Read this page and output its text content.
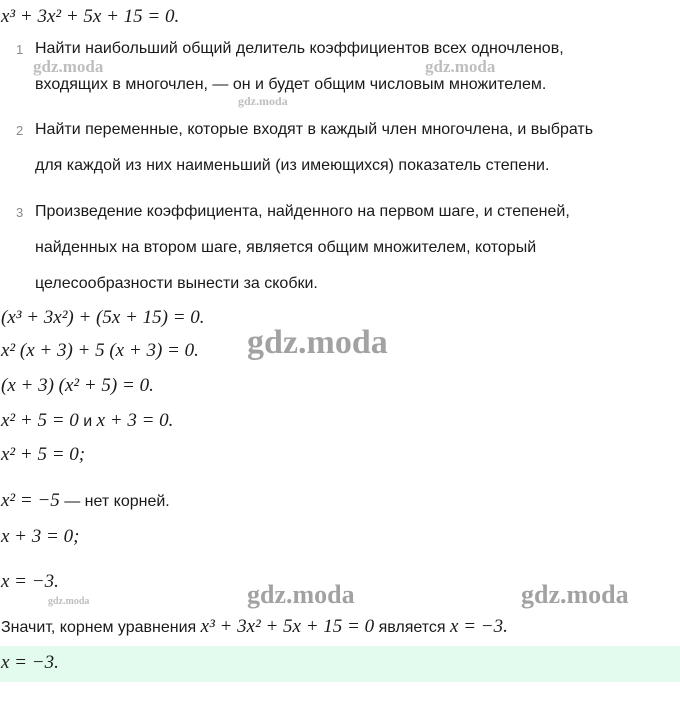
x³ + 3x² + 5x + 15 = 0.
1 Найти наибольший общий делитель коэффициентов всех одночленов,
входящих в многочлен, — он и будет общим числовым множителем.
2 Найти переменные, которые входят в каждый член многочлена, и выбрать
для каждой из них наименьший (из имеющихся) показатель степени.
3 Произведение коэффициента, найденного на первом шаге, и степеней,
найденных на втором шаге, является общим множителем, который
целесообразности вынести за скобки.
(x³ + 3x²) + (5x + 15) = 0.
x² (x + 3) + 5 (x + 3) = 0.
(x + 3) (x² + 5) = 0.
x² + 5 = 0 и x + 3 = 0.
x² + 5 = 0;
x² = −5 — нет корней.
x + 3 = 0;
x = −3.
Значит, корнем уравнения x³ + 3x² + 5x + 15 = 0 является x = −3.
x = −3.
gdz.moda	gdz.moda
gdz.moda
gdz.moda
gdz.moda	gdz.moda
gdz.moda
